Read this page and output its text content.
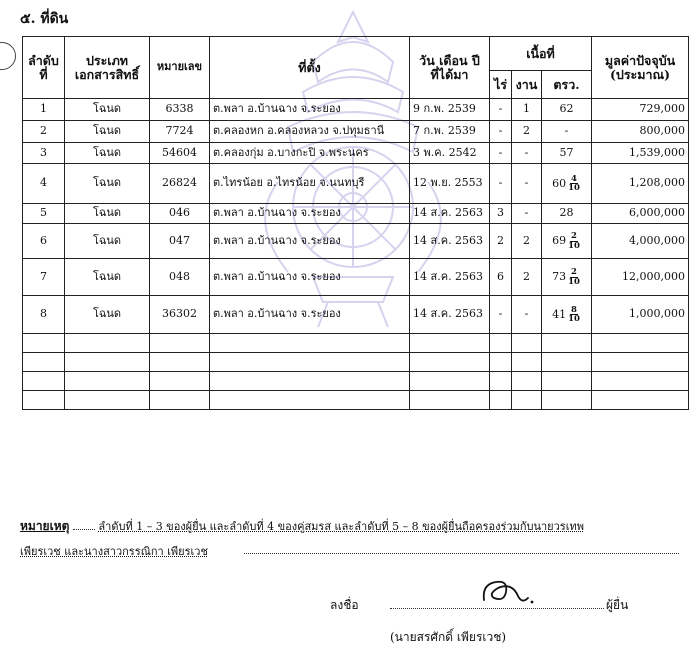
๕. ที่ดิน
ลำดับ ที่	ประเภท เอกสารสิทธิ์	หมายเลข	ที่ตั้ง	วัน เดือน ปี ที่ได้มา	เนื้อที่			มูลค่าปัจจุบัน (ประมาณ)
					ไร่	งาน	ตรว.	
1	โฉนด	6338	ต.พลา อ.บ้านฉาง จ.ระยอง	9 ก.พ. 2539	-	1	62	729,000
2	โฉนด	7724	ต.คลองหก อ.คลองหลวง จ.ปทุมธานี	7 ก.พ. 2539	-	2	-	800,000
3	โฉนด	54604	ต.คลองกุ่ม อ.บางกะปิ จ.พระนคร	3 พ.ค. 2542	-	-	57	1,539,000
4	โฉนด	26824	ต.ไทรน้อย อ.ไทรน้อย จ.นนทบุรี	12 พ.ย. 2553	-	-	$60 \frac{4}{10}$	1,208,000
5	โฉนด	046	ต.พลา อ.บ้านฉาง จ.ระยอง	14 ส.ค. 2563	3	-	28	6,000,000
6	โฉนด	047	ต.พลา อ.บ้านฉาง จ.ระยอง	14 ส.ค. 2563	2	2	$69 \frac{2}{10}$	4,000,000
7	โฉนด	048	ต.พลา อ.บ้านฉาง จ.ระยอง	14 ส.ค. 2563	6	2	$73 \frac{2}{10}$	12,000,000
8	โฉนด	36302	ต.พลา อ.บ้านฉาง จ.ระยอง	14 ส.ค. 2563	-	-	$41 \frac{8}{10}$	1,000,000

หมายเหตุ	ลำดับที่ 1 – 3 ของผู้ยื่น และลำดับที่ 4 ของคู่สมรส และลำดับที่ 5 – 8 ของผู้ยื่นถือครองร่วมกับนายวรเทพ
เพียรเวช และนางสาวกรรณิกา เพียรเวช
ลงชื่อ	ผู้ยื่น
(นายสรศักดิ์ เพียรเวช)
